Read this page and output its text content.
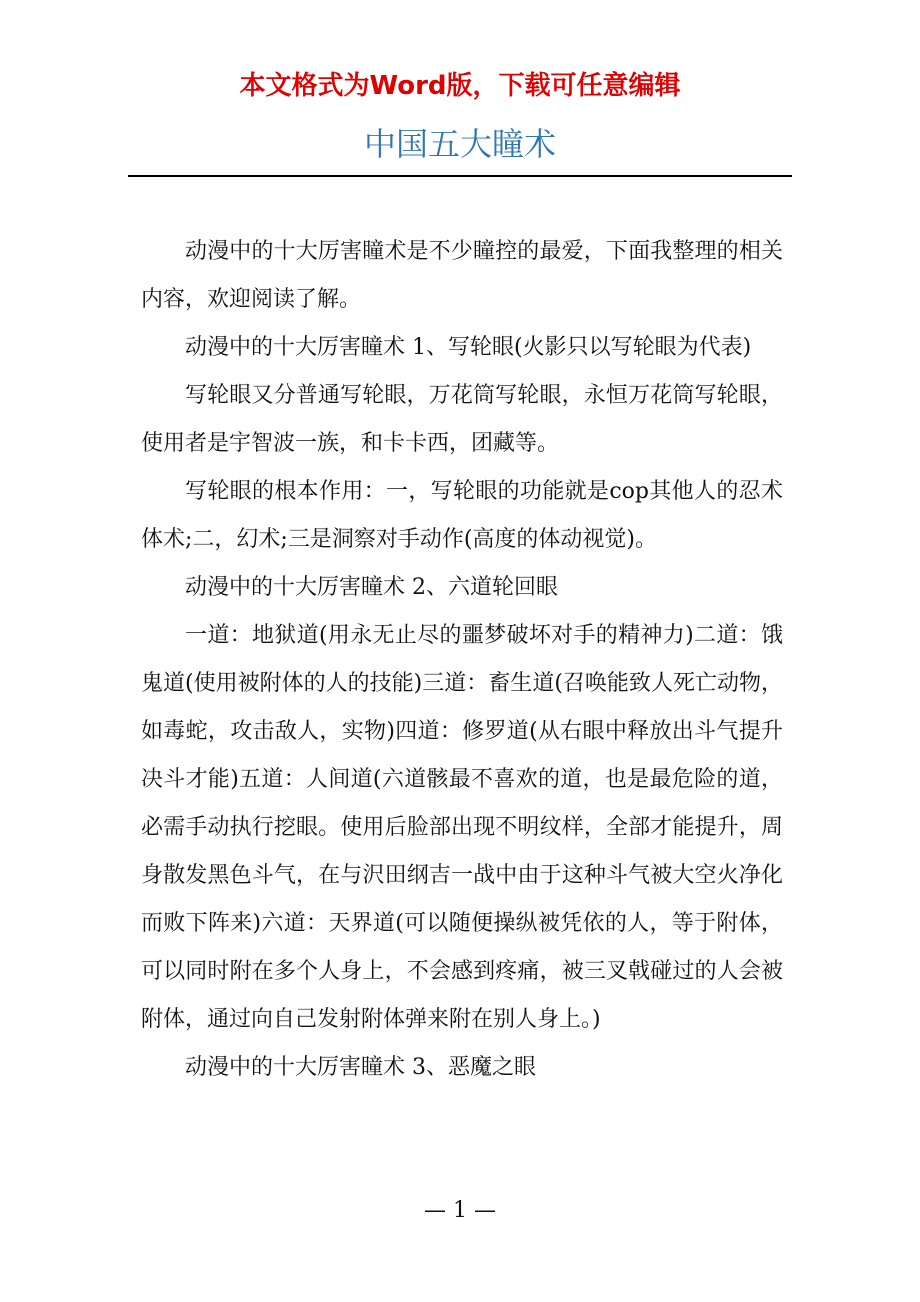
本文格式为Word版，下载可任意编辑
中国五大瞳术

动漫中的十大厉害瞳术是不少瞳控的最爱，下面我整理的相关内容，欢迎阅读了解。

动漫中的十大厉害瞳术 1、写轮眼(火影只以写轮眼为代表)

写轮眼又分普通写轮眼，万花筒写轮眼，永恒万花筒写轮眼，使用者是宇智波一族，和卡卡西，团藏等。

写轮眼的根本作用：一，写轮眼的功能就是cop其他人的忍术体术;二，幻术;三是洞察对手动作(高度的体动视觉)。

动漫中的十大厉害瞳术 2、六道轮回眼

一道：地狱道(用永无止尽的噩梦破坏对手的精神力)二道：饿鬼道(使用被附体的人的技能)三道：畜生道(召唤能致人死亡动物，如毒蛇，攻击敌人，实物)四道：修罗道(从右眼中释放出斗气提升决斗才能)五道：人间道(六道骸最不喜欢的道，也是最危险的道，必需手动执行挖眼。使用后脸部出现不明纹样，全部才能提升，周身散发黑色斗气，在与沢田纲吉一战中由于这种斗气被大空火净化而败下阵来)六道：天界道(可以随便操纵被凭依的人，等于附体，可以同时附在多个人身上，不会感到疼痛，被三叉戟碰过的人会被附体，通过向自己发射附体弹来附在别人身上。)

动漫中的十大厉害瞳术 3、恶魔之眼

— 1 —
